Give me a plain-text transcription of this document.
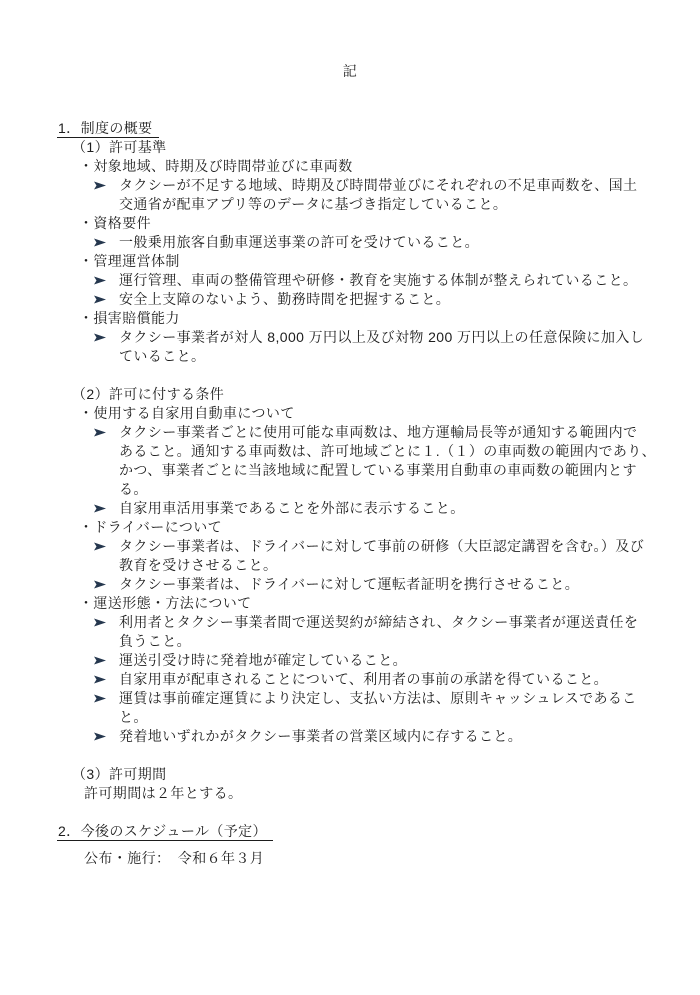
記
1．制度の概要
（1）許可基準
・対象地域、時期及び時間帯並びに車両数
タクシーが不足する地域、時期及び時間帯並びにそれぞれの不足車両数を、国土
交通省が配車アプリ等のデータに基づき指定していること。
・資格要件
一般乗用旅客自動車運送事業の許可を受けていること。
・管理運営体制
運行管理、車両の整備管理や研修・教育を実施する体制が整えられていること。
安全上支障のないよう、勤務時間を把握すること。
・損害賠償能力
タクシー事業者が対人 8,000 万円以上及び対物 200 万円以上の任意保険に加入し
ていること。
（2）許可に付する条件
・使用する自家用自動車について
タクシー事業者ごとに使用可能な車両数は、地方運輸局長等が通知する範囲内で
あること。通知する車両数は、許可地域ごとに１.（１）の車両数の範囲内であり、
かつ、事業者ごとに当該地域に配置している事業用自動車の車両数の範囲内とす
る。
自家用車活用事業であることを外部に表示すること。
・ドライバーについて
タクシー事業者は、ドライバーに対して事前の研修（大臣認定講習を含む。）及び
教育を受けさせること。
タクシー事業者は、ドライバーに対して運転者証明を携行させること。
・運送形態・方法について
利用者とタクシー事業者間で運送契約が締結され、タクシー事業者が運送責任を
負うこと。
運送引受け時に発着地が確定していること。
自家用車が配車されることについて、利用者の事前の承諾を得ていること。
運賃は事前確定運賃により決定し、支払い方法は、原則キャッシュレスであるこ
と。
発着地いずれかがタクシー事業者の営業区域内に存すること。
（3）許可期間
許可期間は２年とする。
2．今後のスケジュール（予定）
公布・施行：　令和６年３月
